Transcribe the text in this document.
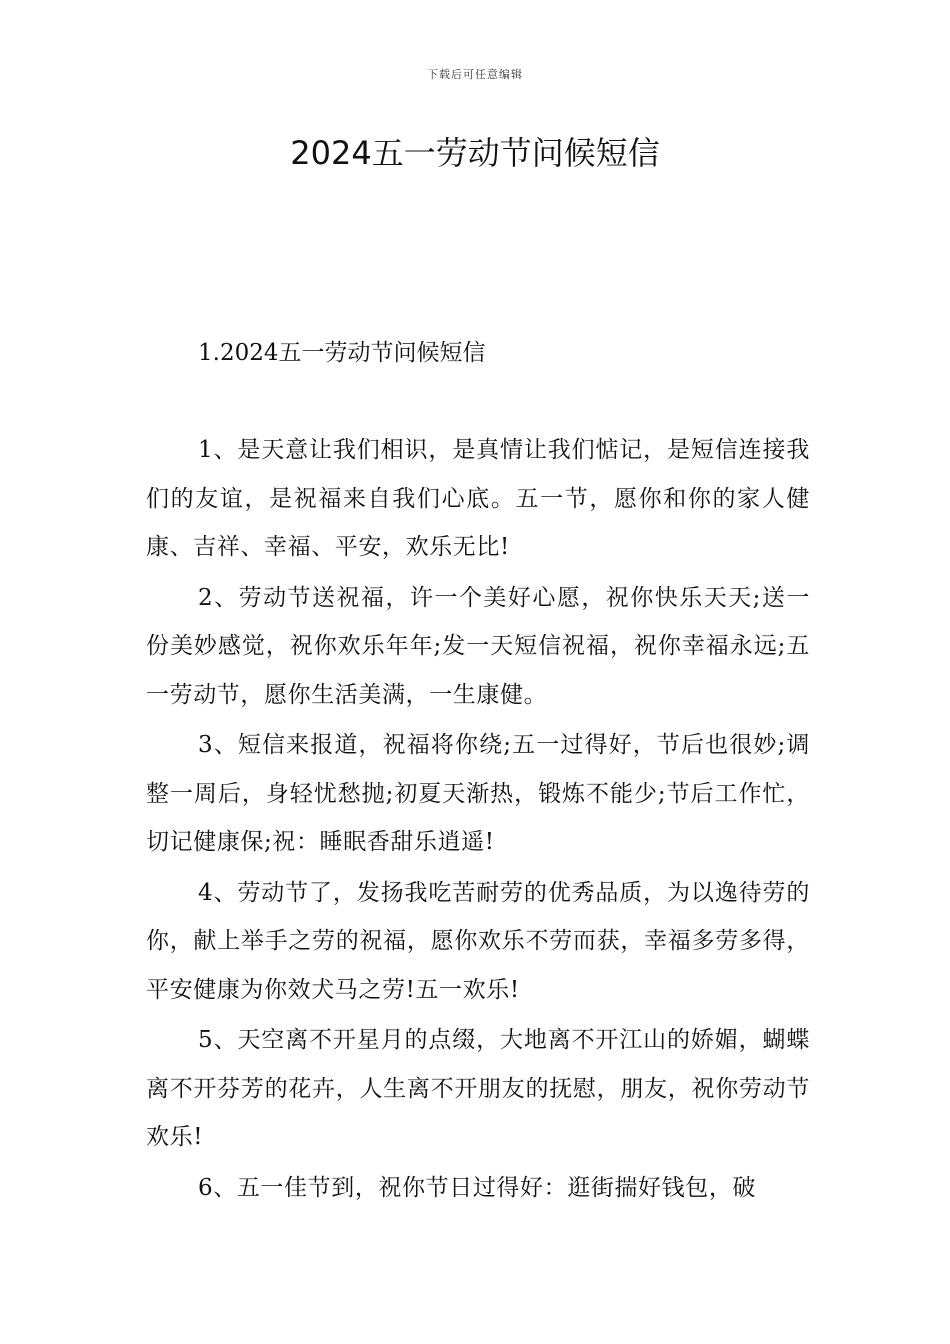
下载后可任意编辑
2024五一劳动节问候短信
1.2024五一劳动节问候短信

1、是天意让我们相识，是真情让我们惦记，是短信连接我们的友谊，是祝福来自我们心底。五一节，愿你和你的家人健康、吉祥、幸福、平安，欢乐无比!

2、劳动节送祝福，许一个美好心愿，祝你快乐天天;送一份美妙感觉，祝你欢乐年年;发一天短信祝福，祝你幸福永远;五一劳动节，愿你生活美满，一生康健。

3、短信来报道，祝福将你绕;五一过得好，节后也很妙;调整一周后，身轻忧愁抛;初夏天渐热，锻炼不能少;节后工作忙，切记健康保;祝：睡眠香甜乐逍遥!

4、劳动节了，发扬我吃苦耐劳的优秀品质，为以逸待劳的你，献上举手之劳的祝福，愿你欢乐不劳而获，幸福多劳多得，平安健康为你效犬马之劳!五一欢乐!

5、天空离不开星月的点缀，大地离不开江山的娇媚，蝴蝶离不开芬芳的花卉，人生离不开朋友的抚慰，朋友，祝你劳动节欢乐!

6、五一佳节到，祝你节日过得好：逛街揣好钱包，破
